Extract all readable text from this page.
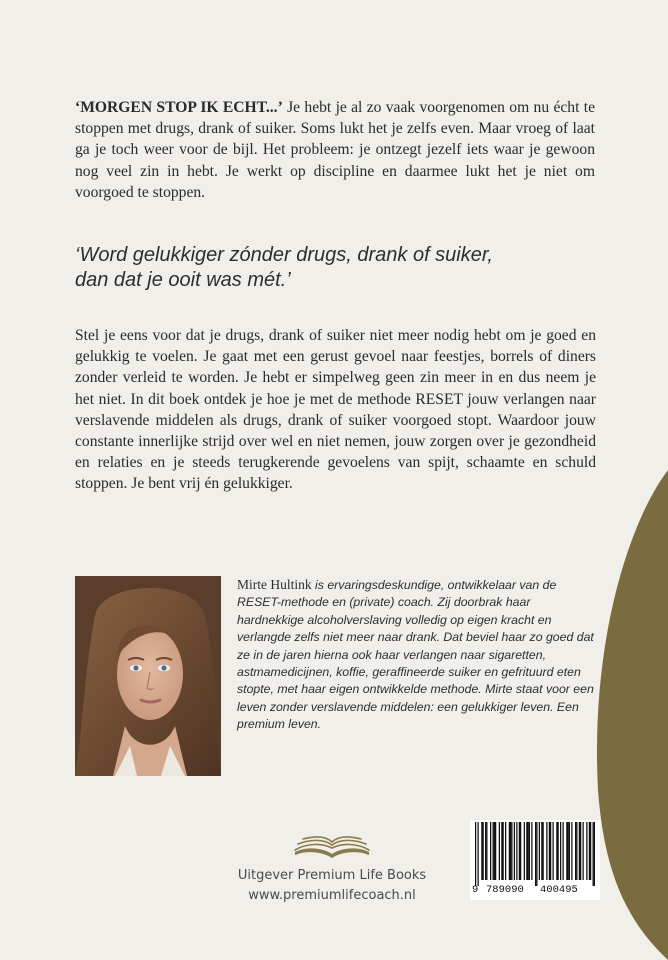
‘MORGEN STOP IK ECHT...’ Je hebt je al zo vaak voorgenomen om nu écht te stoppen met drugs, drank of suiker. Soms lukt het je zelfs even. Maar vroeg of laat ga je toch weer voor de bijl. Het probleem: je ontzegt jezelf iets waar je gewoon nog veel zin in hebt. Je werkt op discipline en daarmee lukt het je niet om voorgoed te stoppen.

‘Word gelukkiger zónder drugs, drank of suiker,
dan dat je ooit was mét.’

Stel je eens voor dat je drugs, drank of suiker niet meer nodig hebt om je goed en gelukkig te voelen. Je gaat met een gerust gevoel naar feestjes, borrels of diners zonder verleid te worden. Je hebt er simpelweg geen zin meer in en dus neem je het niet. In dit boek ontdek je hoe je met de methode RESET jouw verlangen naar verslavende middelen als drugs, drank of suiker voorgoed stopt. Waardoor jouw constante innerlijke strijd over wel en niet nemen, jouw zorgen over je gezondheid en relaties en je steeds terugkerende gevoelens van spijt, schaamte en schuld stoppen. Je bent vrij én gelukkiger.

Mirte Hultink is ervaringsdeskundige, ontwikkelaar van de RESET-methode en (private) coach. Zij doorbrak haar hardnekkige alcoholverslaving volledig op eigen kracht en verlangde zelfs niet meer naar drank. Dat beviel haar zo goed dat ze in de jaren hierna ook haar verlangen naar sigaretten, astmamedicijnen, koffie, geraffineerde suiker en gefrituurd eten stopte, met haar eigen ontwikkelde methode. Mirte staat voor een leven zonder verslavende middelen: een gelukkiger leven. Een premium leven.

Uitgever Premium Life Books
www.premiumlifecoach.nl	9 789090 400495
